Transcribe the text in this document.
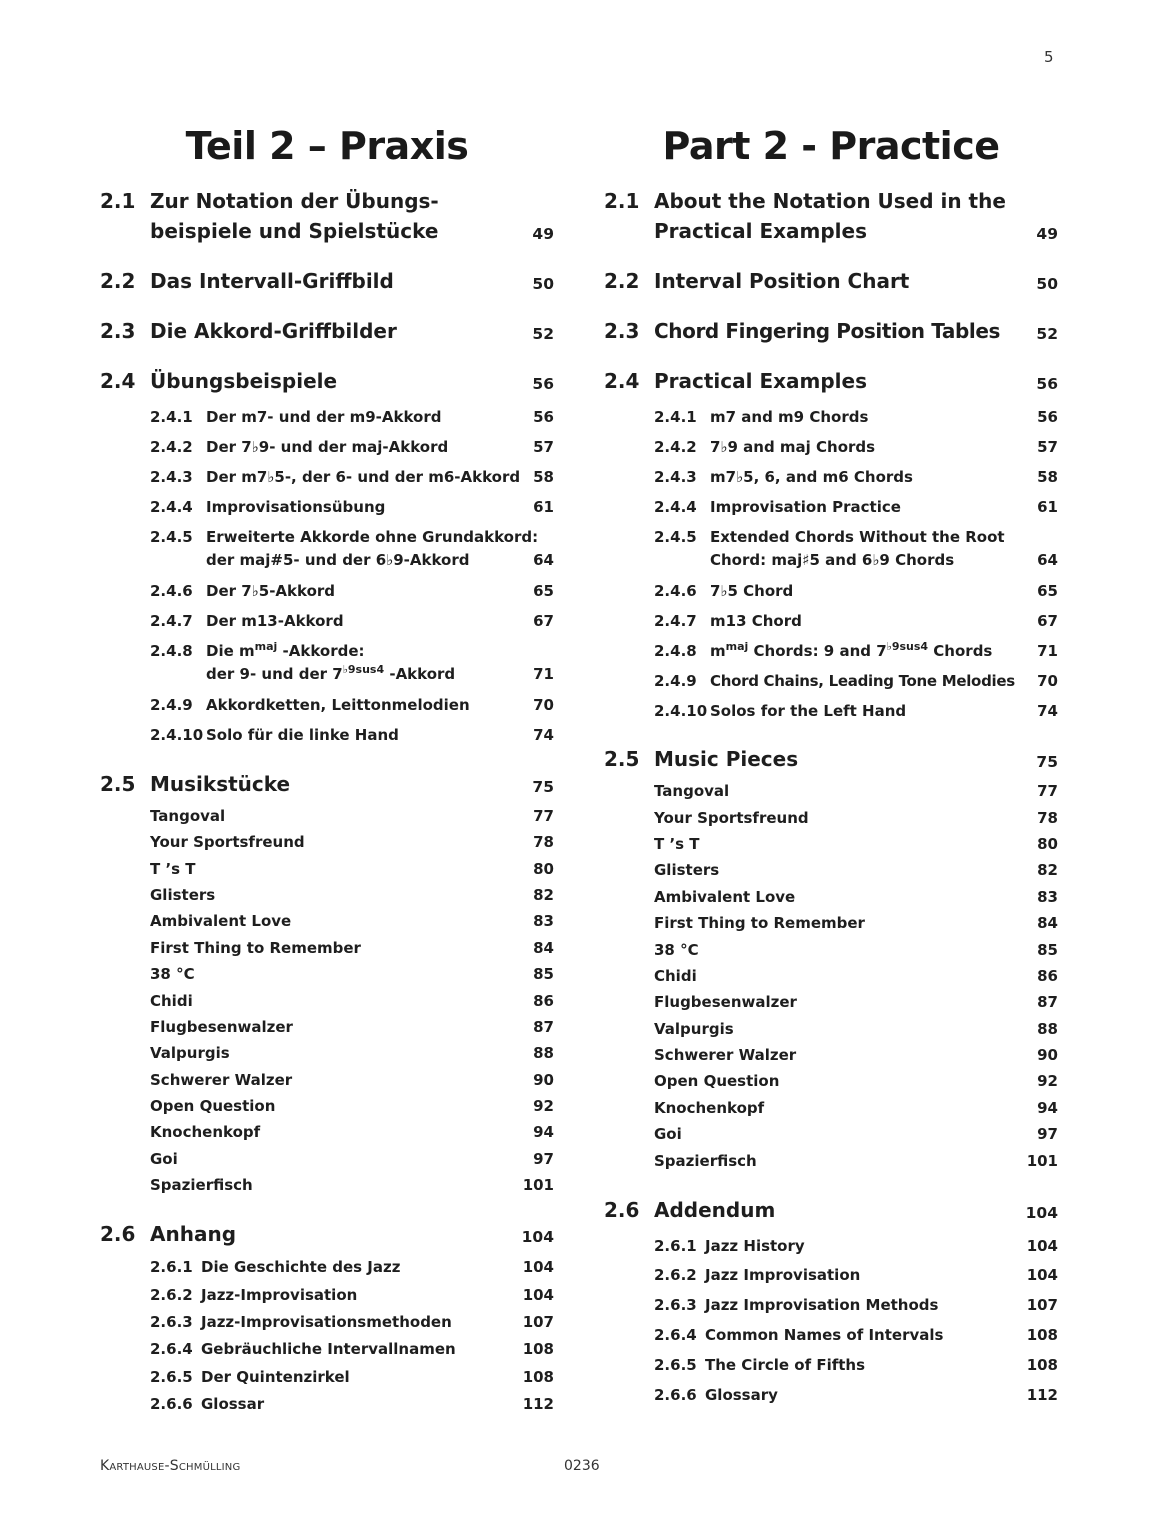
5
Teil 2 – Praxis
2.1 Zur Notation der Übungs-
beispiele und Spielstücke	49
2.2 Das Intervall-Griffbild	50
2.3 Die Akkord-Griffbilder	52
2.4 Übungsbeispiele	56
2.4.1 Der m7- und der m9-Akkord	56
2.4.2 Der 7♭9- und der maj-Akkord	57
2.4.3 Der m7♭5-, der 6- und der m6-Akkord 58
2.4.4 Improvisationsübung	61
2.4.5 Erweiterte Akkorde ohne Grundakkord:
der maj#5- und der 6♭9-Akkord	64
2.4.6 Der 7♭5-Akkord	65
2.4.7 Der m13-Akkord	67
2.4.8 Die $m^{maj}$ -Akkorde:
der 9- und der $7^{♭9sus4}$ -Akkord	71
2.4.9 Akkordketten, Leittonmelodien	70
2.4.10 Solo für die linke Hand	74
2.5 Musikstücke	75
Tangoval	77
Your Sportsfreund	78
T ’s T	80
Glisters	82
Ambivalent Love	83
First Thing to Remember	84
38 °C	85
Chidi	86
Flugbesenwalzer	87
Valpurgis	88
Schwerer Walzer	90
Open Question	92
Knochenkopf	94
Goi	97
Spazierfisch	101
2.6 Anhang	104
2.6.1 Die Geschichte des Jazz	104
2.6.2 Jazz-Improvisation	104
2.6.3 Jazz-Improvisationsmethoden	107
2.6.4 Gebräuchliche Intervallnamen	108
2.6.5 Der Quintenzirkel	108
2.6.6 Glossar	112
Part 2 - Practice
2.1 About the Notation Used in the
Practical Examples	49
2.2 Interval Position Chart	50
2.3 Chord Fingering Position Tables 52
2.4 Practical Examples	56
2.4.1 m7 and m9 Chords	56
2.4.2 7♭9 and maj Chords	57
2.4.3 m7♭5, 6, and m6 Chords	58
2.4.4 Improvisation Practice	61
2.4.5 Extended Chords Without the Root
Chord: maj♯5 and 6♭9 Chords	64
2.4.6 7♭5 Chord	65
2.4.7 m13 Chord	67
2.4.8 $m^{maj}$ Chords: 9 and $7^{♭9sus4}$ Chords	71
2.4.9 Chord Chains, Leading Tone Melodies 70
2.4.10 Solos for the Left Hand	74
2.5 Music Pieces	75
Tangoval	77
Your Sportsfreund	78
T ’s T	80
Glisters	82
Ambivalent Love	83
First Thing to Remember	84
38 °C	85
Chidi	86
Flugbesenwalzer	87
Valpurgis	88
Schwerer Walzer	90
Open Question	92
Knochenkopf	94
Goi	97
Spazierfisch	101
2.6 Addendum	104
2.6.1 Jazz History	104
2.6.2 Jazz Improvisation	104
2.6.3 Jazz Improvisation Methods	107
2.6.4 Common Names of Intervals	108
2.6.5 The Circle of Fifths	108
2.6.6 Glossary	112
Karthause-Schmülling	0236
